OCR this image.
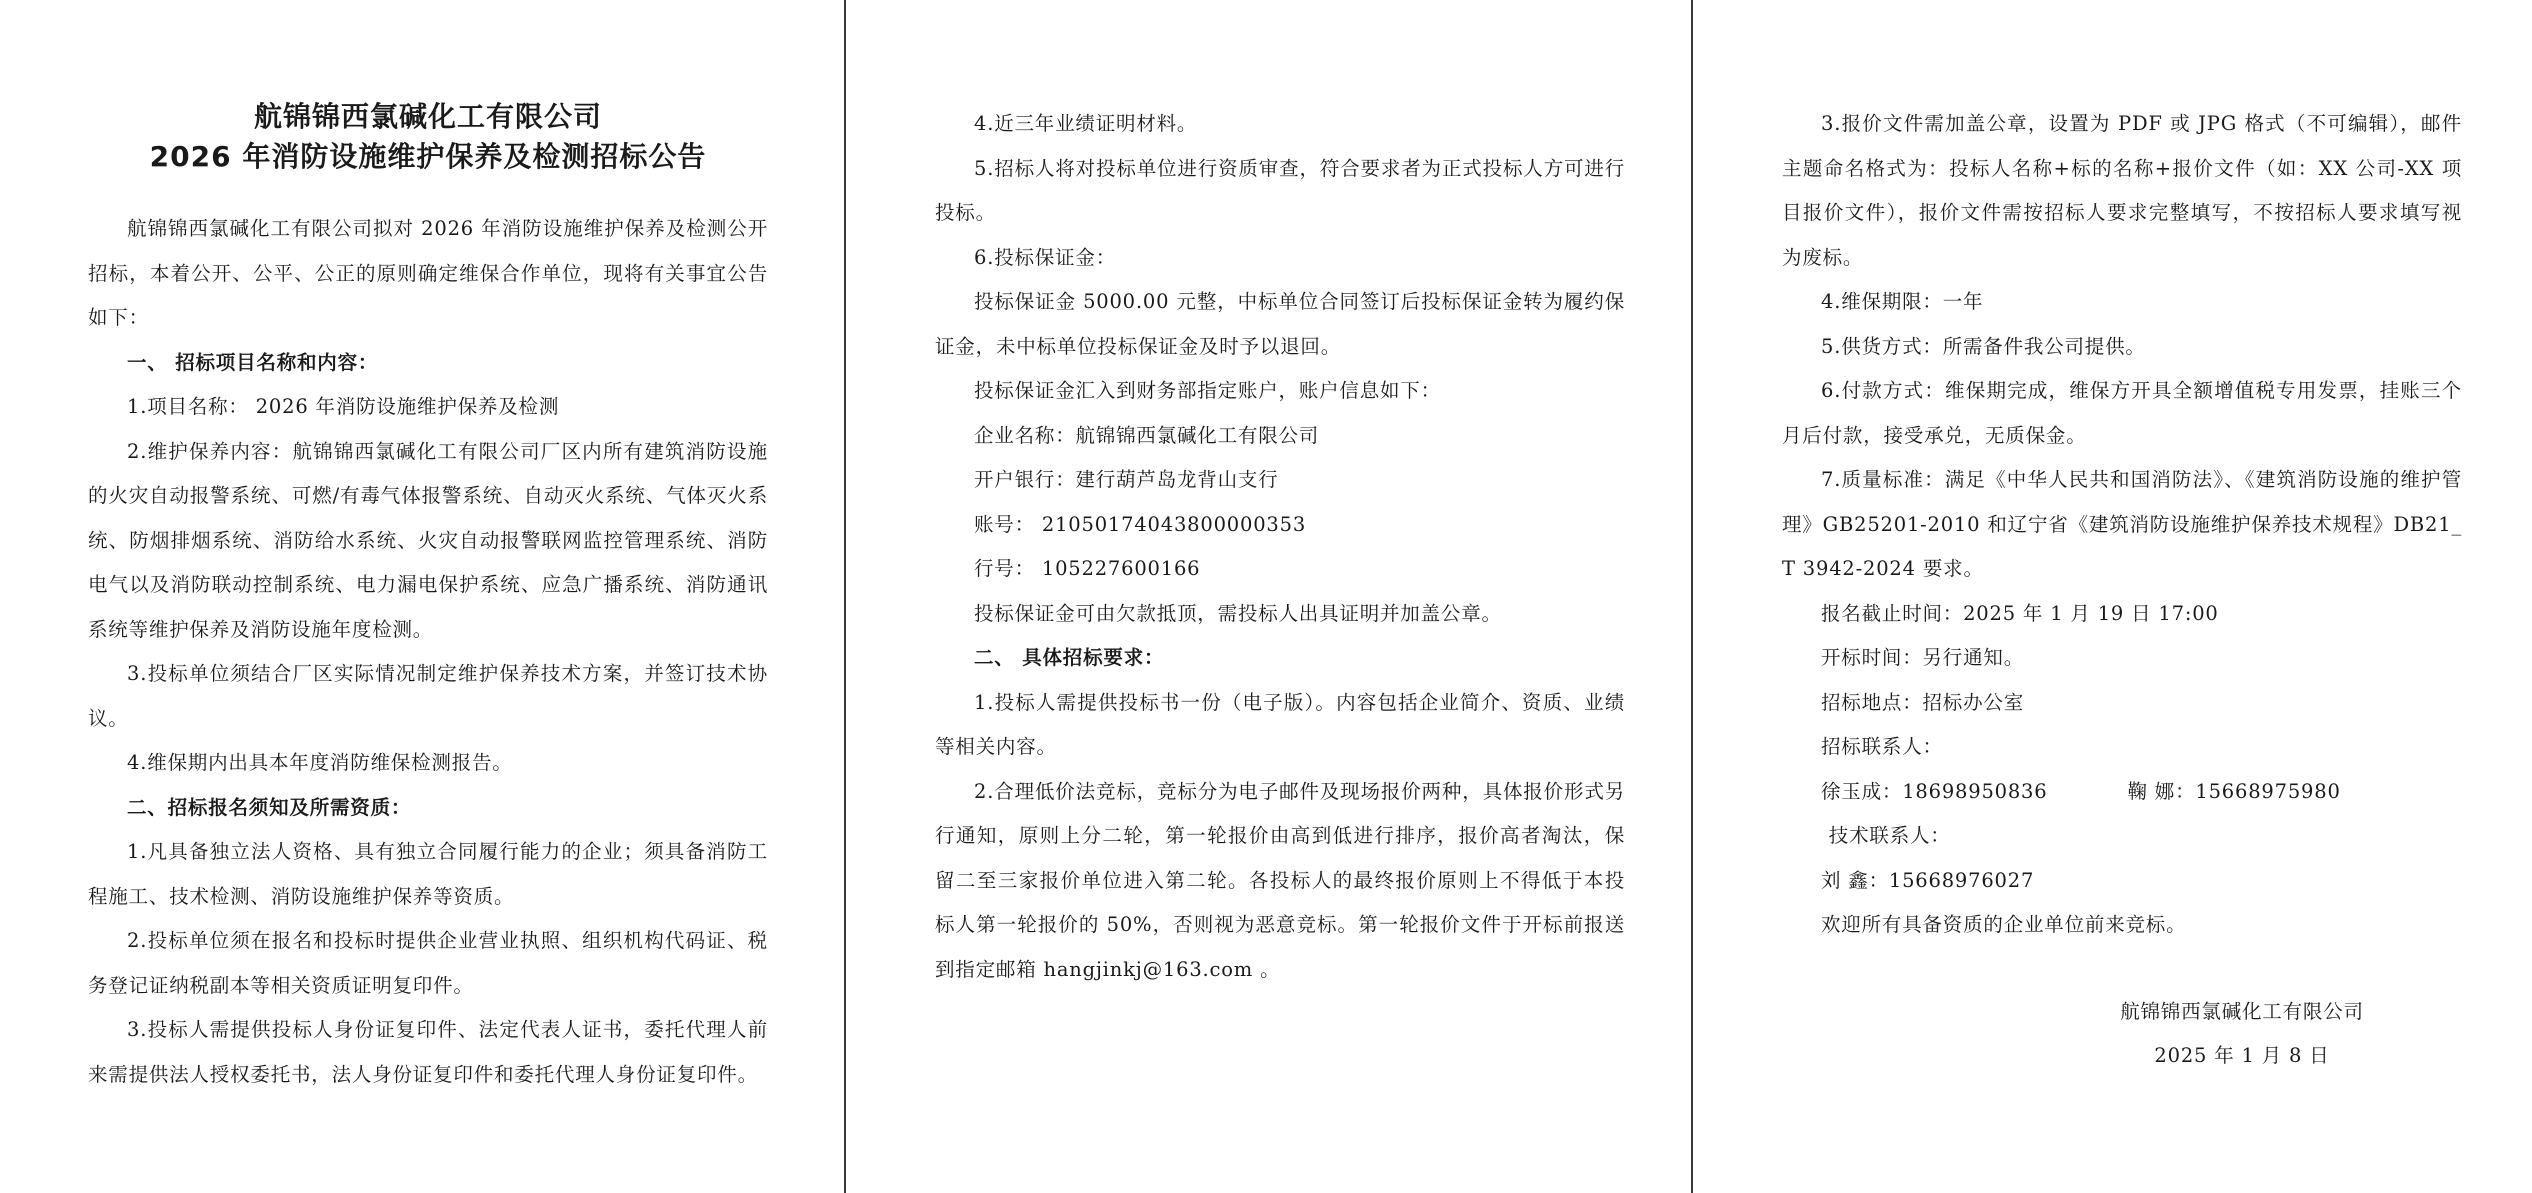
航锦锦西氯碱化工有限公司
2026 年消防设施维护保养及检测招标公告

航锦锦西氯碱化工有限公司拟对 2026 年消防设施维护保养及检测公开招标，本着公开、公平、公正的原则确定维保合作单位，现将有关事宜公告如下：

一、 招标项目名称和内容：

1.项目名称： 2026 年消防设施维护保养及检测

2.维护保养内容：航锦锦西氯碱化工有限公司厂区内所有建筑消防设施的火灾自动报警系统、可燃/有毒气体报警系统、自动灭火系统、气体灭火系统、防烟排烟系统、消防给水系统、火灾自动报警联网监控管理系统、消防电气以及消防联动控制系统、电力漏电保护系统、应急广播系统、消防通讯系统等维护保养及消防设施年度检测。

3.投标单位须结合厂区实际情况制定维护保养技术方案，并签订技术协议。

4.维保期内出具本年度消防维保检测报告。

二、招标报名须知及所需资质：

1.凡具备独立法人资格、具有独立合同履行能力的企业；须具备消防工程施工、技术检测、消防设施维护保养等资质。

2.投标单位须在报名和投标时提供企业营业执照、组织机构代码证、税务登记证纳税副本等相关资质证明复印件。

3.投标人需提供投标人身份证复印件、法定代表人证书，委托代理人前来需提供法人授权委托书，法人身份证复印件和委托代理人身份证复印件。

4.近三年业绩证明材料。

5.招标人将对投标单位进行资质审查，符合要求者为正式投标人方可进行投标。

6.投标保证金：

投标保证金 5000.00 元整，中标单位合同签订后投标保证金转为履约保证金，未中标单位投标保证金及时予以退回。

投标保证金汇入到财务部指定账户，账户信息如下：

企业名称：航锦锦西氯碱化工有限公司

开户银行：建行葫芦岛龙背山支行

账号： 21050174043800000353

行号： 105227600166

投标保证金可由欠款抵顶，需投标人出具证明并加盖公章。

二、 具体招标要求：

1.投标人需提供投标书一份（电子版）。内容包括企业简介、资质、业绩等相关内容。

2.合理低价法竞标，竞标分为电子邮件及现场报价两种，具体报价形式另行通知，原则上分二轮，第一轮报价由高到低进行排序，报价高者淘汰，保留二至三家报价单位进入第二轮。各投标人的最终报价原则上不得低于本投标人第一轮报价的 50%，否则视为恶意竞标。第一轮报价文件于开标前报送到指定邮箱 hangjinkj@163.com 。

3.报价文件需加盖公章，设置为 PDF 或 JPG 格式（不可编辑），邮件主题命名格式为：投标人名称+标的名称+报价文件（如：XX 公司-XX 项目报价文件），报价文件需按招标人要求完整填写，不按招标人要求填写视为废标。

4.维保期限：一年

5.供货方式：所需备件我公司提供。

6.付款方式：维保期完成，维保方开具全额增值税专用发票，挂账三个月后付款，接受承兑，无质保金。

7.质量标准：满足《中华人民共和国消防法》、《建筑消防设施的维护管理》GB25201-2010 和辽宁省《建筑消防设施维护保养技术规程》DB21_T 3942-2024 要求。

报名截止时间：2025 年 1 月 19 日 17:00

开标时间：另行通知。

招标地点：招标办公室

招标联系人：

徐玉成：18698950836	鞠 娜：15668975980

技术联系人：

刘 鑫：15668976027

欢迎所有具备资质的企业单位前来竞标。

航锦锦西氯碱化工有限公司
2025 年 1 月 8 日
